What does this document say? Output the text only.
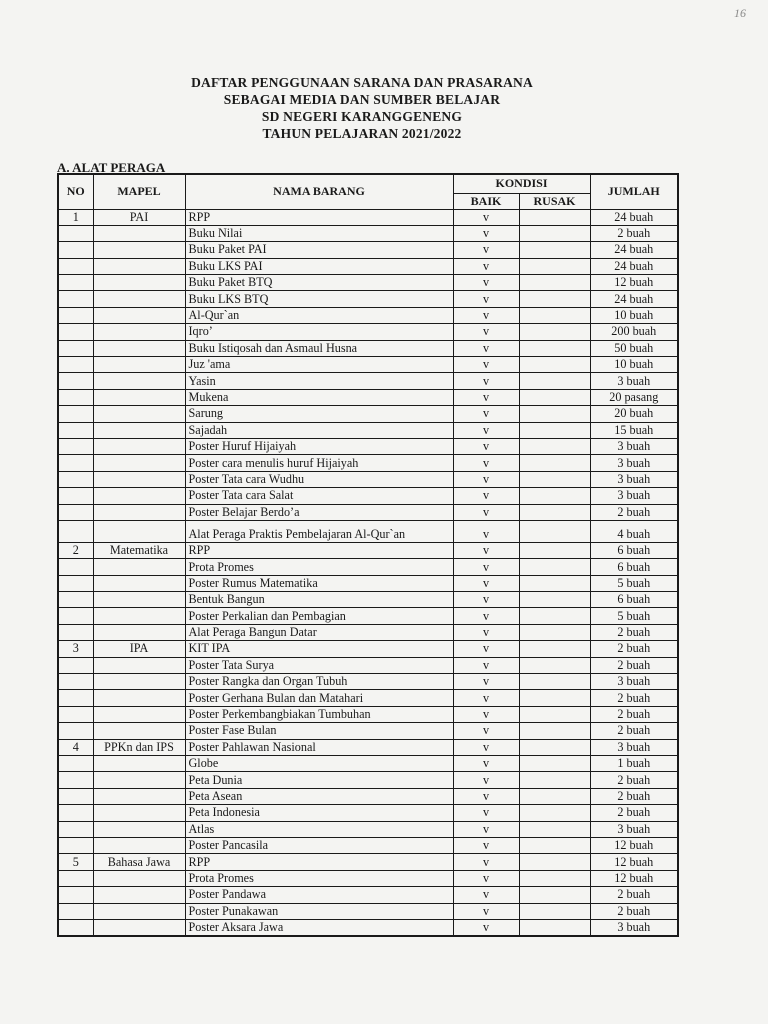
16
DAFTAR PENGGUNAAN SARANA DAN PRASARANA
SEBAGAI MEDIA DAN SUMBER BELAJAR
SD NEGERI KARANGGENENG
TAHUN PELAJARAN 2021/2022
A. ALAT PERAGA
NO	MAPEL	NAMA BARANG	KONDISI		JUMLAH
			BAIK	RUSAK	
1	PAI	RPP	v		24 buah
		Buku Nilai	v		2 buah
		Buku Paket PAI	v		24 buah
		Buku LKS PAI	v		24 buah
		Buku Paket BTQ	v		12 buah
		Buku LKS BTQ	v		24 buah
		Al-Qur`an	v		10 buah
		Iqro’	v		200 buah
		Buku Istiqosah dan Asmaul Husna	v		50 buah
		Juz 'ama	v		10 buah
		Yasin	v		3 buah
		Mukena	v		20 pasang
		Sarung	v		20 buah
		Sajadah	v		15 buah
		Poster Huruf Hijaiyah	v		3 buah
		Poster cara menulis huruf Hijaiyah	v		3 buah
		Poster Tata cara Wudhu	v		3 buah
		Poster Tata cara Salat	v		3 buah
		Poster Belajar Berdo’a	v		2 buah
		Alat Peraga Praktis Pembelajaran Al-Qur`an	v		4 buah
2	Matematika	RPP	v		6 buah
		Prota Promes	v		6 buah
		Poster Rumus Matematika	v		5 buah
		Bentuk Bangun	v		6 buah
		Poster Perkalian dan Pembagian	v		5 buah
		Alat Peraga Bangun Datar	v		2 buah
3	IPA	KIT IPA	v		2 buah
		Poster Tata Surya	v		2 buah
		Poster Rangka dan Organ Tubuh	v		3 buah
		Poster Gerhana Bulan dan Matahari	v		2 buah
		Poster Perkembangbiakan Tumbuhan	v		2 buah
		Poster Fase Bulan	v		2 buah
4	PPKn dan IPS	Poster Pahlawan Nasional	v		3 buah
		Globe	v		1 buah
		Peta Dunia	v		2 buah
		Peta Asean	v		2 buah
		Peta Indonesia	v		2 buah
		Atlas	v		3 buah
		Poster Pancasila	v		12 buah
5	Bahasa Jawa	RPP	v		12 buah
		Prota Promes	v		12 buah
		Poster Pandawa	v		2 buah
		Poster Punakawan	v		2 buah
		Poster Aksara Jawa	v		3 buah
